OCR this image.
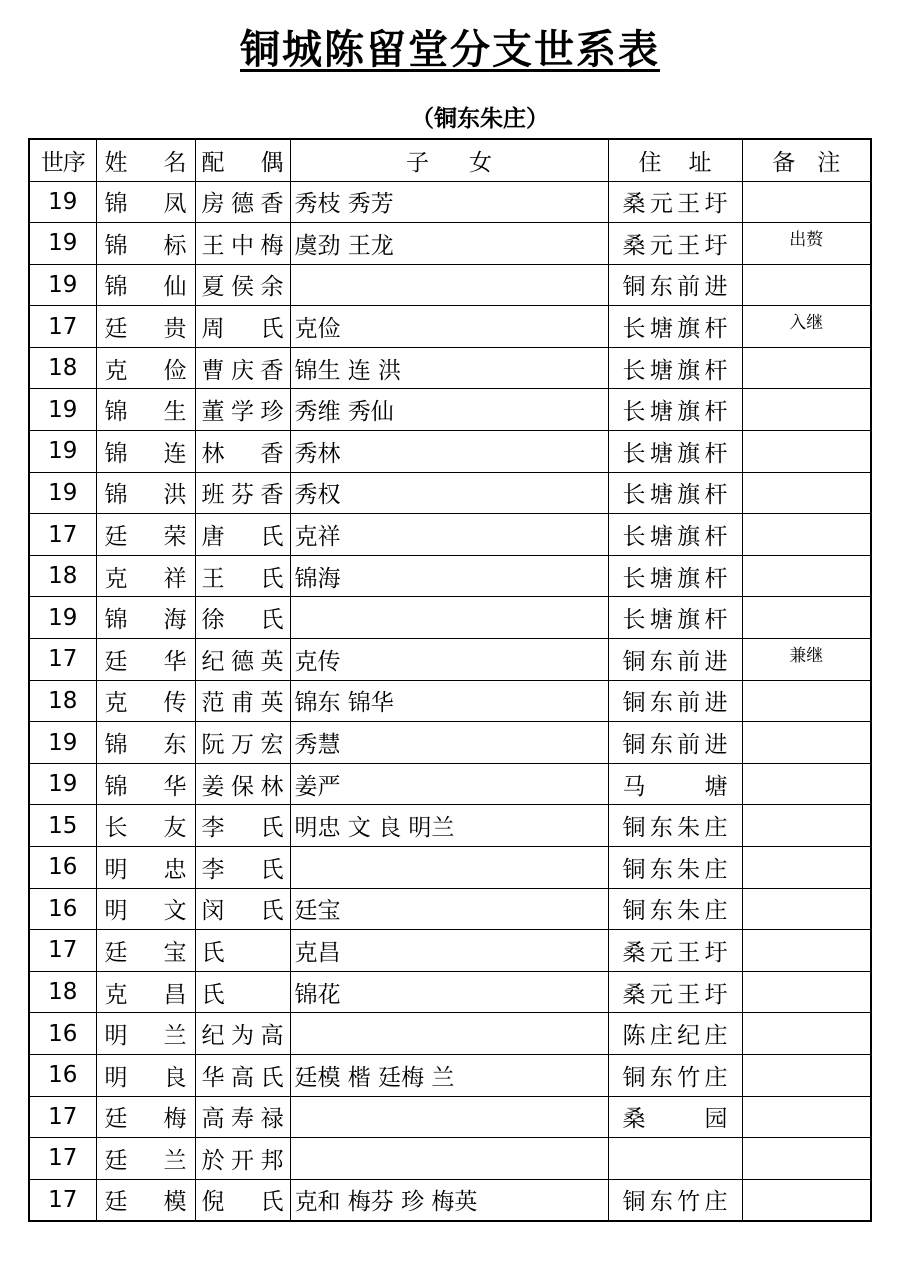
铜城陈留堂分支世系表
（铜东朱庄）
世序	姓名	配偶	子女	住址	备注
19	锦凤	房德香	秀枝 秀芳	桑元王圩	
19	锦标	王中梅	虞劲 王龙	桑元王圩	出赘
19	锦仙	夏侯余		铜东前进	
17	廷贵	周氏	克俭	长塘旗杆	入继
18	克俭	曹庆香	锦生 连 洪	长塘旗杆	
19	锦生	董学珍	秀维 秀仙	长塘旗杆	
19	锦连	林香	秀林	长塘旗杆	
19	锦洪	班芬香	秀权	长塘旗杆	
17	廷荣	唐氏	克祥	长塘旗杆	
18	克祥	王氏	锦海	长塘旗杆	
19	锦海	徐氏		长塘旗杆	
17	廷华	纪德英	克传	铜东前进	兼继
18	克传	范甫英	锦东 锦华	铜东前进	
19	锦东	阮万宏	秀慧	铜东前进	
19	锦华	姜保林	姜严	马塘	
15	长友	李氏	明忠 文 良 明兰	铜东朱庄	
16	明忠	李氏		铜东朱庄	
16	明文	闵氏	廷宝	铜东朱庄	
17	廷宝	氏	克昌	桑元王圩	
18	克昌	氏	锦花	桑元王圩	
16	明兰	纪为高		陈庄纪庄	
16	明良	华高氏	廷模 楷 廷梅 兰	铜东竹庄	
17	廷梅	高寿禄		桑园	
17	廷兰	於开邦			
17	廷模	倪氏	克和 梅芬 珍 梅英	铜东竹庄	
